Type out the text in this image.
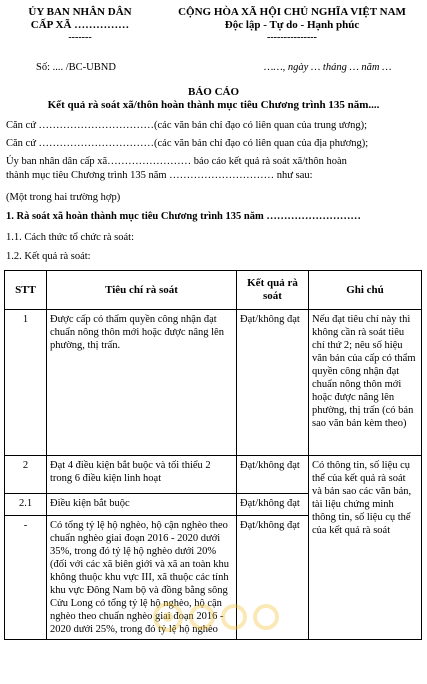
ỦY BAN NHÂN DÂN
CẤP XÃ ……………
-------
CỘNG HÒA XÃ HỘI CHỦ NGHĨA VIỆT NAM
Độc lập - Tự do - Hạnh phúc
---------------
Số: .... /BC-UBND	……, ngày … tháng … năm …
BÁO CÁO
Kết quả rà soát xã/thôn hoàn thành mục tiêu Chương trình 135 năm....
Căn cứ ……………………………(các văn bản chỉ đạo có liên quan của trung ương);
Căn cứ ……………………………(các văn bản chỉ đạo có liên quan của địa phương);
Ủy ban nhân dân cấp xã…………………… báo cáo kết quả rà soát xã/thôn hoàn
thành mục tiêu Chương trình 135 năm ………………………… như sau:
(Một trong hai trường hợp)
1. Rà soát xã hoàn thành mục tiêu Chương trình 135 năm ………………………
1.1. Cách thức tổ chức rà soát:
1.2. Kết quả rà soát:
STT	Tiêu chí rà soát	Kết quả rà soát	Ghi chú
1	Được cấp có thẩm quyền công nhận đạt chuẩn nông thôn mới hoặc được nâng lên phường, thị trấn.	Đạt/không đạt	Nếu đạt tiêu chí này thì không cần rà soát tiêu chí thứ 2; nêu số hiệu văn bản của cấp có thẩm quyền công nhận đạt chuẩn nông thôn mới hoặc được nâng lên phường, thị trấn (có bản sao văn bản kèm theo)
2	Đạt 4 điều kiện bắt buộc và tối thiểu 2 trong 6 điều kiện linh hoạt	Đạt/không đạt	Có thông tin, số liệu cụ thể của kết quả rà soát và bản sao các văn bản, tài liệu chứng minh thông tin, số liệu cụ thể của kết quả rà soát
2.1	Điều kiện bắt buộc	Đạt/không đạt	
-	Có tổng tỷ lệ hộ nghèo, hộ cận nghèo theo chuẩn nghèo giai đoạn 2016 - 2020 dưới 35%, trong đó tỷ lệ hộ nghèo dưới 20% (đối với các xã biên giới và xã an toàn khu không thuộc khu vực III, xã thuộc các tỉnh khu vực Đông Nam bộ và đồng bằng sông Cửu Long có tổng tỷ lệ hộ nghèo, hộ cận nghèo theo chuẩn nghèo giai đoạn 2016 - 2020 dưới 25%, trong đó tỷ lệ hộ nghèo	Đạt/không đạt	
